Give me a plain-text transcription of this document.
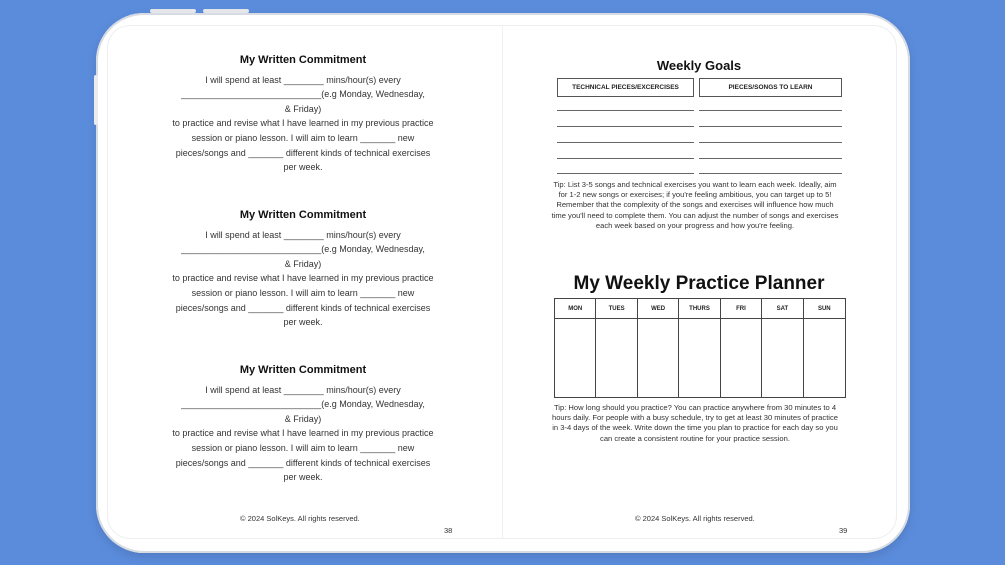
My Written Commitment

I will spend at least ________ mins/hour(s) every

____________________________(e.g Monday, Wednesday,

& Friday)

to practice and revise what I have learned in my previous practice

session or piano lesson. I will aim to learn _______ new

pieces/songs and _______ different kinds of technical exercises

per week.

My Written Commitment

I will spend at least ________ mins/hour(s) every

____________________________(e.g Monday, Wednesday,

& Friday)

to practice and revise what I have learned in my previous practice

session or piano lesson. I will aim to learn _______ new

pieces/songs and _______ different kinds of technical exercises

per week.

My Written Commitment

I will spend at least ________ mins/hour(s) every

____________________________(e.g Monday, Wednesday,

& Friday)

to practice and revise what I have learned in my previous practice

session or piano lesson. I will aim to learn _______ new

pieces/songs and _______ different kinds of technical exercises

per week.

© 2024 SolKeys. All rights reserved.
38
Weekly Goals
TECHNICAL PIECES/EXCERCISES	PIECES/SONGS TO LEARN
Tip: List 3-5 songs and technical exercises you want to learn each week. Ideally, aim for 1-2 new songs or exercises; if you're feeling ambitious, you can target up to 5! Remember that the complexity of the songs and exercises will influence how much time you'll need to complete them. You can adjust the number of songs and exercises each week based on your progress and how you're feeling.
My Weekly Practice Planner
MON	TUES	WED	THURS	FRI	SAT	SUN
Tip: How long should you practice? You can practice anywhere from 30 minutes to 4 hours daily. For people with a busy schedule, try to get at least 30 minutes of practice in 3-4 days of the week. Write down the time you plan to practice for each day so you can create a consistent routine for your practice session.
© 2024 SolKeys. All rights reserved.
39
